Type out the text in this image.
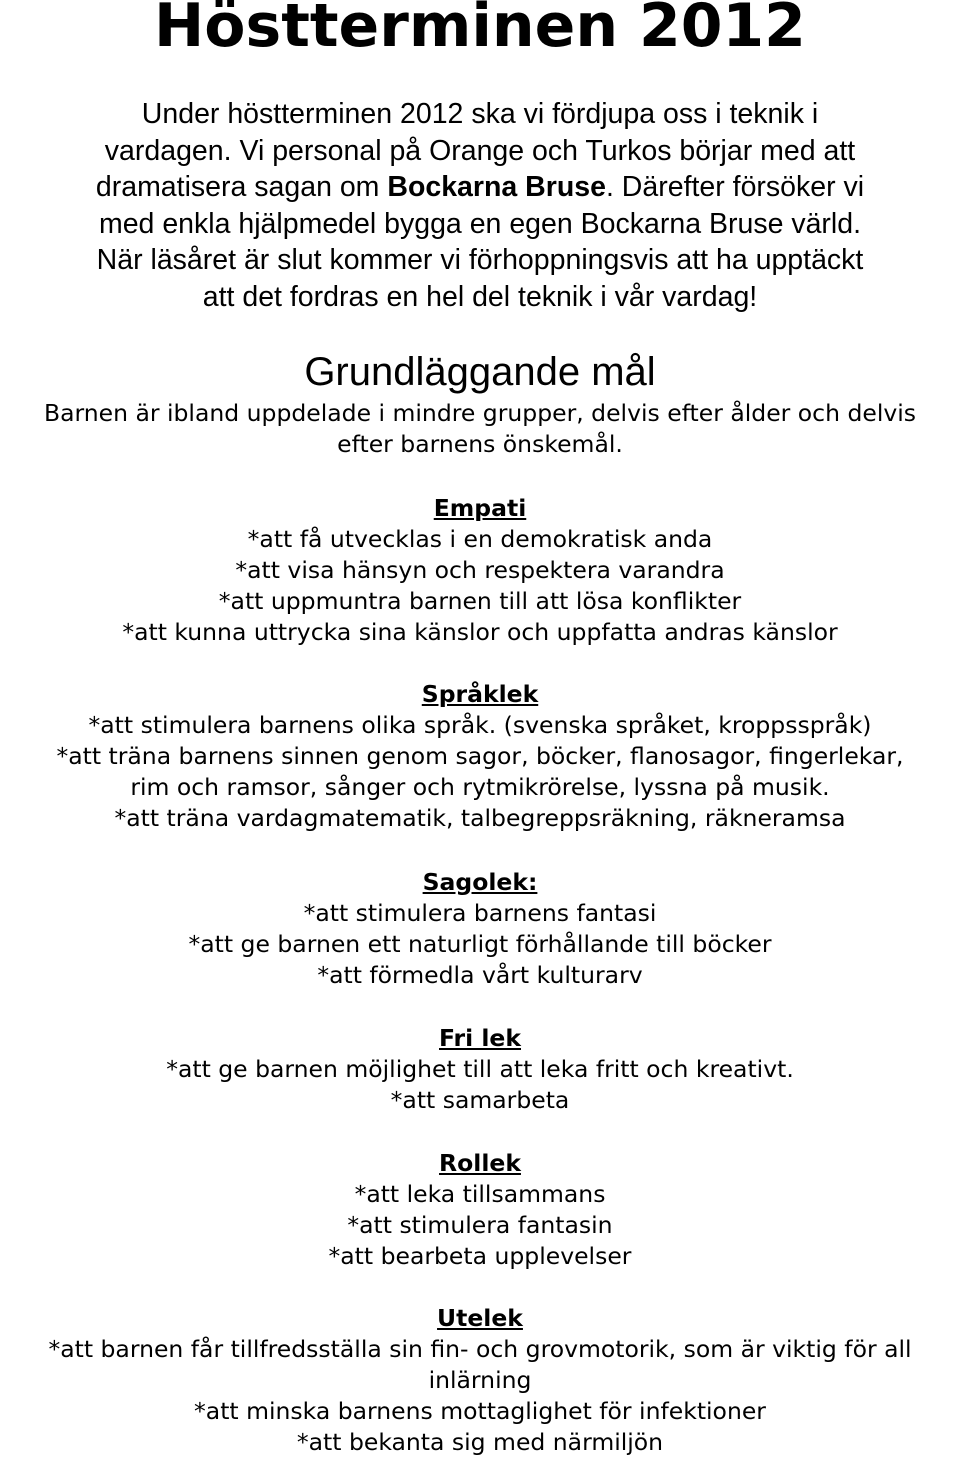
Höstterminen 2012
Under höstterminen 2012 ska vi fördjupa oss i teknik i
vardagen. Vi personal på Orange och Turkos börjar med att
dramatisera sagan om Bockarna Bruse. Därefter försöker vi
med enkla hjälpmedel bygga en egen Bockarna Bruse värld.
När läsåret är slut kommer vi förhoppningsvis att ha upptäckt
att det fordras en hel del teknik i vår vardag!
Grundläggande mål
Barnen är ibland uppdelade i mindre grupper, delvis efter ålder och delvis
efter barnens önskemål.
Empati
*att få utvecklas i en demokratisk anda
*att visa hänsyn och respektera varandra
*att uppmuntra barnen till att lösa konflikter
*att kunna uttrycka sina känslor och uppfatta andras känslor
Språklek
*att stimulera barnens olika språk. (svenska språket, kroppsspråk)
*att träna barnens sinnen genom sagor, böcker, flanosagor, fingerlekar,
rim och ramsor, sånger och rytmikrörelse, lyssna på musik.
*att träna vardagmatematik, talbegreppsräkning, räkneramsa
Sagolek:
*att stimulera barnens fantasi
*att ge barnen ett naturligt förhållande till böcker
*att förmedla vårt kulturarv
Fri lek
*att ge barnen möjlighet till att leka fritt och kreativt.
*att samarbeta
Rollek
*att leka tillsammans
*att stimulera fantasin
*att bearbeta upplevelser
Utelek
*att barnen får tillfredsställa sin fin- och grovmotorik, som är viktig för all
inlärning
*att minska barnens mottaglighet för infektioner
*att bekanta sig med närmiljön
